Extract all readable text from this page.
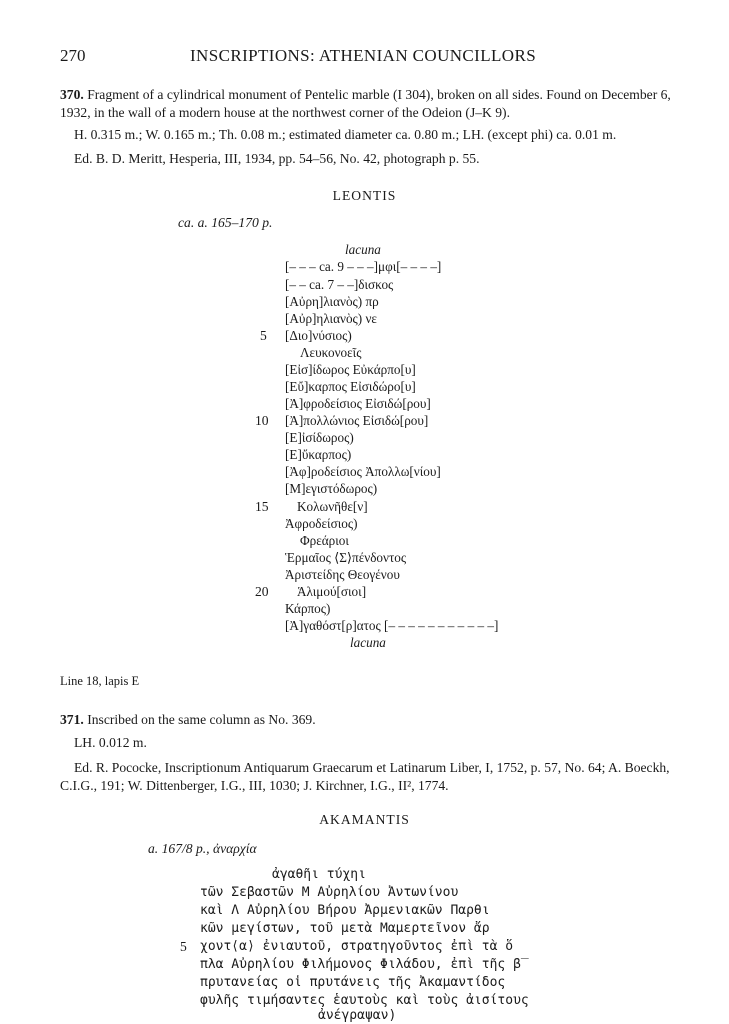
270	INSCRIPTIONS: ATHENIAN COUNCILLORS
370. Fragment of a cylindrical monument of Pentelic marble (I 304), broken on all sides. Found on December 6,
1932, in the wall of a modern house at the northwest corner of the Odeion (J–K 9).
H. 0.315 m.; W. 0.165 m.; Th. 0.08 m.; estimated diameter ca. 0.80 m.; LH. (except phi) ca. 0.01 m.
Ed. B. D. Meritt, Hesperia, III, 1934, pp. 54–56, No. 42, photograph p. 55.
LEONTIS
ca. a. 165–170 p.
lacuna
[– – – ca. 9 – – –]μφι[– – – –]
[– – ca. 7 – –]δισκος
[Αὐρη]λιανὸς) πρ
[Αὐρ]ηλιανὸς) νε
[Διο]νύσιος)
Λευκονοεῖς
[Εἰσ]ίδωρος Εὐκάρπο[υ]
[Εὔ]καρπος Εἰσιδώρο[υ]
[Ἀ]φροδείσιος Εἰσιδώ[ρου]
[Ἀ]πολλώνιος Εἰσιδώ[ρου]
[Ε]ἰσίδωρος)
[Ε]ὔκαρπος)
[Ἀφ]ροδείσιος Ἀπολλω[νίου]
[Μ]εγιστόδωρος)
Κολωνῆθε[ν]
Ἀφροδείσιος)
Φρεάριοι
Ἑρμαῖος ⟨Σ⟩πένδοντος
Ἀριστείδης Θεογένου
Ἁλιμού[σιοι]
Κάρπος)
[Ἀ]γαθόστ[ρ]ατος [– – – – – – – – – – –]
lacuna
5
10
15
20
Line 18, lapis E
371. Inscribed on the same column as No. 369.
LH. 0.012 m.
Ed. R. Pococke, Inscriptionum Antiquarum Graecarum et Latinarum Liber, I, 1752, p. 57, No. 64; A. Boeckh,
C.I.G., 191; W. Dittenberger, I.G., III, 1030; J. Kirchner, I.G., II², 1774.
AKAMANTIS
a. 167/8 p., ἀναρχία
ἀγαθῆι τύχηι
τῶν Σεβαστῶν Μ Αὐρηλίου Ἀντωνίνου
καὶ Λ Αὐρηλίου Βήρου Ἀρμενιακῶν Παρθι
κῶν μεγίστων, τοῦ μετὰ Μαμερτεῖνον ἄρ
χοντ⟨α⟩ ἐνιαυτοῦ, στρατηγοῦντος ἐπὶ τὰ ὅ
πλα Αὐρηλίου Φιλήμονος Φιλάδου, ἐπὶ τῆς β̅
πρυτανείας οἱ πρυτάνεις τῆς Ἀκαμαντίδος
φυλῆς τιμήσαντες ἑαυτοὺς καὶ τοὺς ἀισίτους
ἀνέγραψαν)
5
